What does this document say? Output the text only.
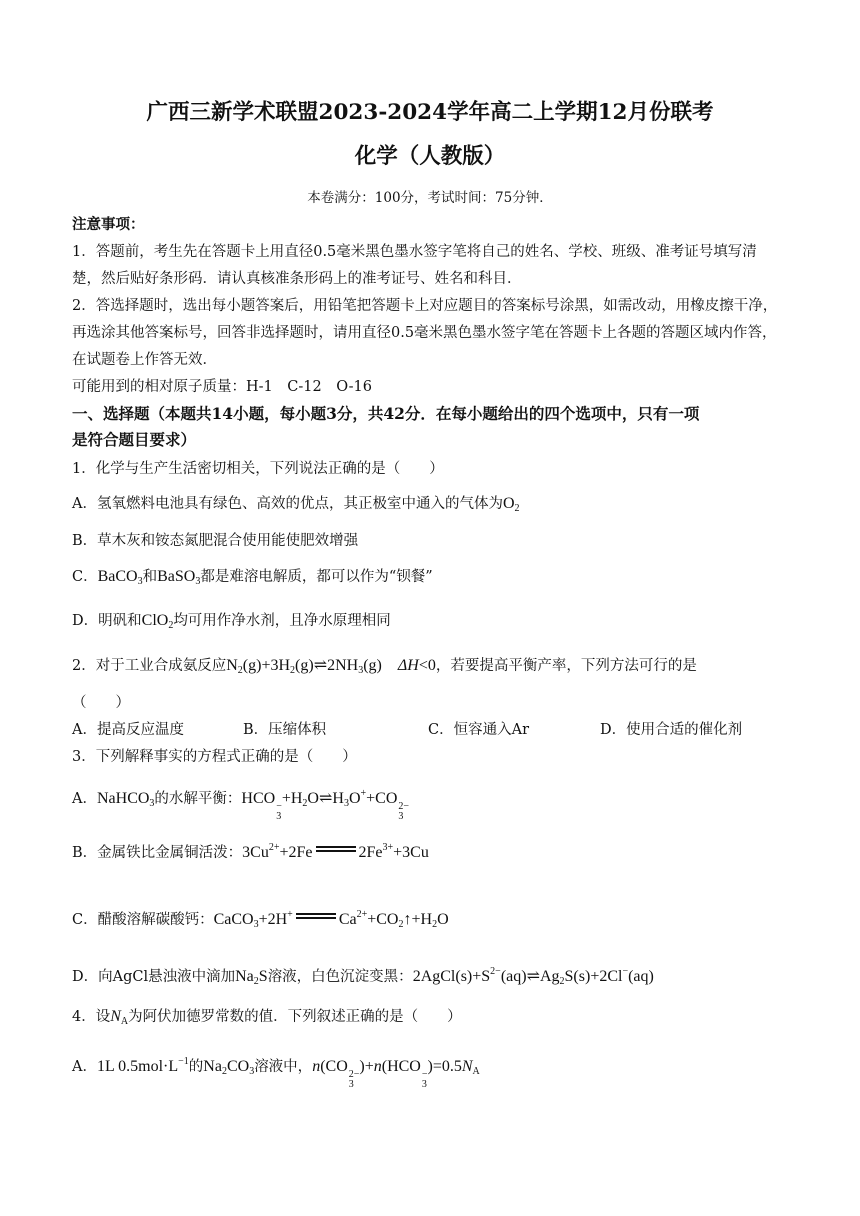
广西三新学术联盟2023-2024学年高二上学期12月份联考
化学（人教版）
本卷满分：100分，考试时间：75分钟．
注意事项：
1．答题前，考生先在答题卡上用直径0.5毫米黑色墨水签字笔将自己的姓名、学校、班级、准考证号填写清
楚，然后贴好条形码．请认真核准条形码上的准考证号、姓名和科目．
2．答选择题时，选出每小题答案后，用铅笔把答题卡上对应题目的答案标号涂黑，如需改动，用橡皮擦干净，
再选涂其他答案标号，回答非选择题时，请用直径0.5毫米黑色墨水签字笔在答题卡上各题的答题区域内作答，
在试题卷上作答无效．
可能用到的相对原子质量：H-1　C-12　O-16
一、选择题（本题共14小题，每小题3分，共42分．在每小题给出的四个选项中，只有一项
是符合题目要求）
1．化学与生产生活密切相关，下列说法正确的是（　　）
A．氢氧燃料电池具有绿色、高效的优点，其正极室中通入的气体为$O_2$
B．草木灰和铵态氮肥混合使用能使肥效增强
C．BaCO$_3$和BaSO$_3$都是难溶电解质，都可以作为“钡餐”
D．明矾和ClO$_2$均可用作净水剂，且净水原理相同
2．对于工业合成氨反应$N_2(g)+3H_2(g)\rightleftharpoons 2NH_3(g)$    ΔH<0，若要提高平衡产率，下列方法可行的是
（　　）
A．提高反应温度	B．压缩体积	C．恒容通入Ar	D．使用合适的催化剂
3．下列解释事实的方程式正确的是（　　）
A．NaHCO$_3$的水解平衡：HCO −
3
$+H_2O\rightleftharpoons H_3O^++CO$ 2−
3
B．金属铁比金属铜活泼：$3Cu^{2+}+2Fe$	$2Fe^{3+}+3Cu$
C．醋酸溶解碳酸钙：CaCO$_3$+2H+	$Ca^{2+}+CO_2↑+H_2O$
D．向AgCl悬浊液中滴加$Na_2S$溶液，白色沉淀变黑：$2AgCl(s)+S^{2-}(aq)\rightleftharpoons Ag_2S(s)+2Cl^-(aq)$
4．设$N_A$为阿伏加德罗常数的值．下列叙述正确的是（　　）
A．1L $0.5mol\cdot L^{-1}$的$Na_2CO_3$溶液中，n(CO 2−
3
)+n(HCO −
3
)$=0.5N_A$
